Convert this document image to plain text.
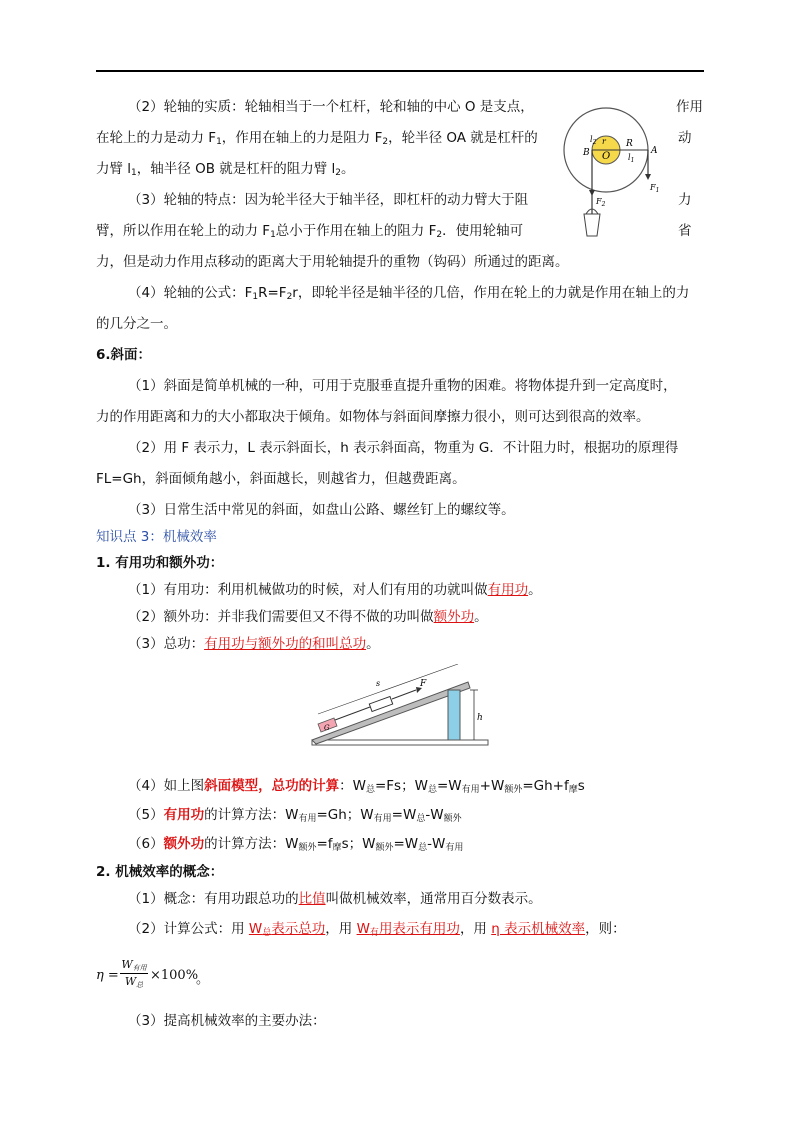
（2）轮轴的实质：轮轴相当于一个杠杆，轮和轴的中心 O 是支点，	作用
在轮上的力是动力 $F_1$，作用在轴上的力是阻力 $F_2$，轮半径 OA 就是杠杆的	动
力臂 $l_1$，轴半径 OB 就是杠杆的阻力臂 $l_2$。
（3）轮轴的特点：因为轮半径大于轴半径，即杠杆的动力臂大于阻	力
臂，所以作用在轮上的动力 $F_1$总小于作用在轴上的阻力 $F_2$．使用轮轴可	省
力，但是动力作用点移动的距离大于用轮轴提升的重物（钩码）所通过的距离。
（4）轮轴的公式：$F_1R=F_2r$，即轮半径是轴半径的几倍，作用在轮上的力就是作用在轴上的力
的几分之一。
r R
O	A
B
$l_2$
$l_1$
$F_1$
$F_2$
6.斜面：
（1）斜面是简单机械的一种，可用于克服垂直提升重物的困难。将物体提升到一定高度时，
力的作用距离和力的大小都取决于倾角。如物体与斜面间摩擦力很小，则可达到很高的效率。
（2）用 F 表示力，L 表示斜面长，h 表示斜面高，物重为 G．不计阻力时，根据功的原理得
FL=Gh，斜面倾角越小，斜面越长，则越省力，但越费距离。
（3）日常生活中常见的斜面，如盘山公路、螺丝钉上的螺纹等。
知识点 3：机械效率
1. 有用功和额外功：
（1）有用功：利用机械做功的时候，对人们有用的功就叫做有用功。
（2）额外功：并非我们需要但又不得不做的功叫做额外功。
（3）总功：有用功与额外功的和叫总功。
s	F
G
h
（4）如上图斜面模型，总功的计算：$W_总=Fs$；$W_总=W_{有用}+W_{额外}=Gh+f_摩s$
（5）有用功的计算方法：$W_{有用}=Gh$；$W_{有用}=W_总-W_{额外}$
（6）额外功的计算方法：$W_{额外}=f_摩s$；$W_{额外}=W_总-W_{有用}$
2. 机械效率的概念：
（1）概念：有用功跟总功的比值叫做机械效率，通常用百分数表示。
（2）计算公式：用 $W_总$表示总功，用 $W_有$用表示有用功，用 η 表示机械效率，则：
η =
$W_{有用}$
$W_总$
×100%
。
（3）提高机械效率的主要办法：
